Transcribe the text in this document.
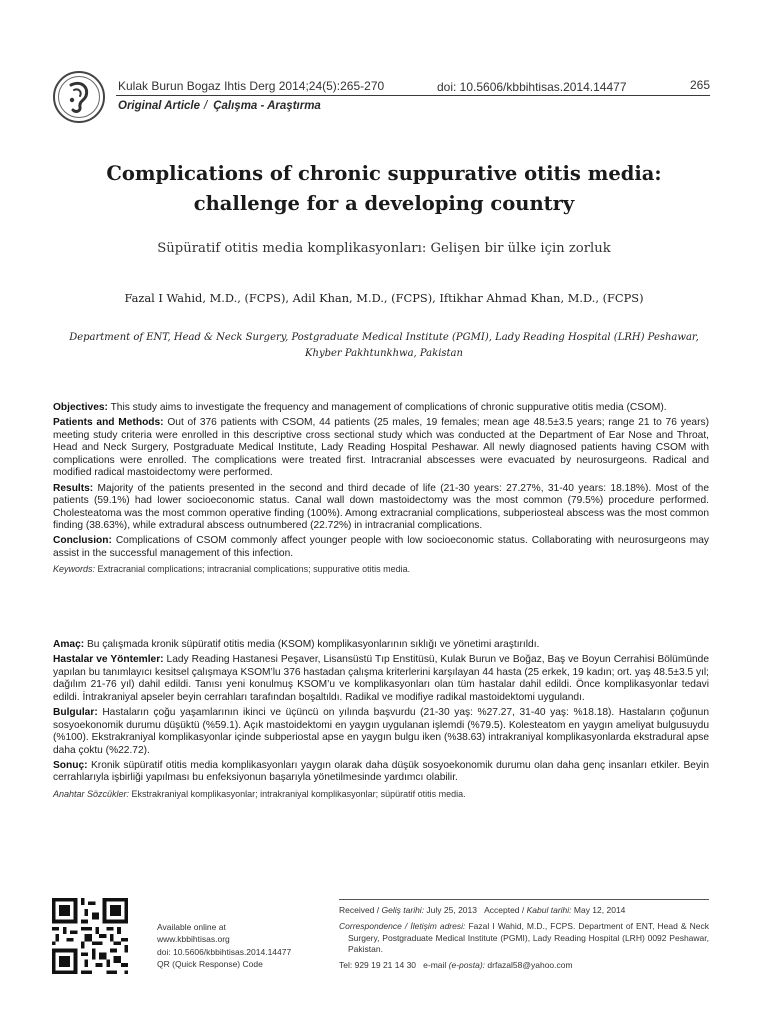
Kulak Burun Bogaz Ihtis Derg 2014;24(5):265-270	doi: 10.5606/kbbihtisas.2014.14477	265
Original Article / Çalışma - Araştırma
Complications of chronic suppurative otitis media:
challenge for a developing country
Süpüratif otitis media komplikasyonları: Gelişen bir ülke için zorluk
Fazal I Wahid, M.D., (FCPS), Adil Khan, M.D., (FCPS), Iftikhar Ahmad Khan, M.D., (FCPS)
Department of ENT, Head & Neck Surgery, Postgraduate Medical Institute (PGMI), Lady Reading Hospital (LRH) Peshawar,
Khyber Pakhtunkhwa, Pakistan

Objectives: This study aims to investigate the frequency and management of complications of chronic suppurative otitis media (CSOM).

Patients and Methods: Out of 376 patients with CSOM, 44 patients (25 males, 19 females; mean age 48.5±3.5 years; range 21 to 76 years) meeting study criteria were enrolled in this descriptive cross sectional study which was conducted at the Department of Ear Nose and Throat, Head and Neck Surgery, Postgraduate Medical Institute, Lady Reading Hospital Peshawar. All newly diagnosed patients having CSOM with complications were enrolled. The complications were treated first. Intracranial abscesses were evacuated by neurosurgeons. Radical and modified radical mastoidectomy were performed.

Results: Majority of the patients presented in the second and third decade of life (21-30 years: 27.27%, 31-40 years: 18.18%). Most of the patients (59.1%) had lower socioeconomic status. Canal wall down mastoidectomy was the most common (79.5%) procedure performed. Cholesteatoma was the most common operative finding (100%). Among extracranial complications, subperiosteal abscess was the most common finding (38.63%), while extradural abscess outnumbered (22.72%) in intracranial complications.

Conclusion: Complications of CSOM commonly affect younger people with low socioeconomic status. Collaborating with neurosurgeons may assist in the successful management of this infection.

Keywords: Extracranial complications; intracranial complications; suppurative otitis media.

Amaç: Bu çalışmada kronik süpüratif otitis media (KSOM) komplikasyonlarının sıklığı ve yönetimi araştırıldı.

Hastalar ve Yöntemler: Lady Reading Hastanesi Peşaver, Lisansüstü Tıp Enstitüsü, Kulak Burun ve Boğaz, Baş ve Boyun Cerrahisi Bölümünde yapılan bu tanımlayıcı kesitsel çalışmaya KSOM’lu 376 hastadan çalışma kriterlerini karşılayan 44 hasta (25 erkek, 19 kadın; ort. yaş 48.5±3.5 yıl; dağılım 21-76 yıl) dahil edildi. Tanısı yeni konulmuş KSOM’u ve komplikasyonları olan tüm hastalar dahil edildi. Önce komplikasyonlar tedavi edildi. İntrakraniyal apseler beyin cerrahları tarafından boşaltıldı. Radikal ve modifiye radikal mastoidektomi uygulandı.

Bulgular: Hastaların çoğu yaşamlarının ikinci ve üçüncü on yılında başvurdu (21-30 yaş: %27.27, 31-40 yaş: %18.18). Hastaların çoğunun sosyoekonomik durumu düşüktü (%59.1). Açık mastoidektomi en yaygın uygulanan işlemdi (%79.5). Kolesteatom en yaygın ameliyat bulgusuydu (%100). Ekstrakraniyal komplikasyonlar içinde subperiostal apse en yaygın bulgu iken (%38.63) intrakraniyal komplikasyonlarda ekstradural apse daha çoktu (%22.72).

Sonuç: Kronik süpüratif otitis media komplikasyonları yaygın olarak daha düşük sosyoekonomik durumu olan daha genç insanları etkiler. Beyin cerrahlarıyla işbirliği yapılması bu enfeksiyonun başarıyla yönetilmesinde yardımcı olabilir.

Anahtar Sözcükler: Ekstrakraniyal komplikasyonlar; intrakraniyal komplikasyonlar; süpüratif otitis media.

Available online at
www.kbbihtisas.org
doi: 10.5606/kbbihtisas.2014.14477
QR (Quick Response) Code

Received / Geliş tarihi: July 25, 2013 Accepted / Kabul tarihi: May 12, 2014

Correspondence / İletişim adresi: Fazal I Wahid, M.D., FCPS. Department of ENT, Head & Neck Surgery, Postgraduate Medical Institute (PGMI), Lady Reading Hospital (LRH) 0092 Peshawar, Pakistan.

Tel: 929 19 21 14 30 e-mail (e-posta): drfazal58@yahoo.com
